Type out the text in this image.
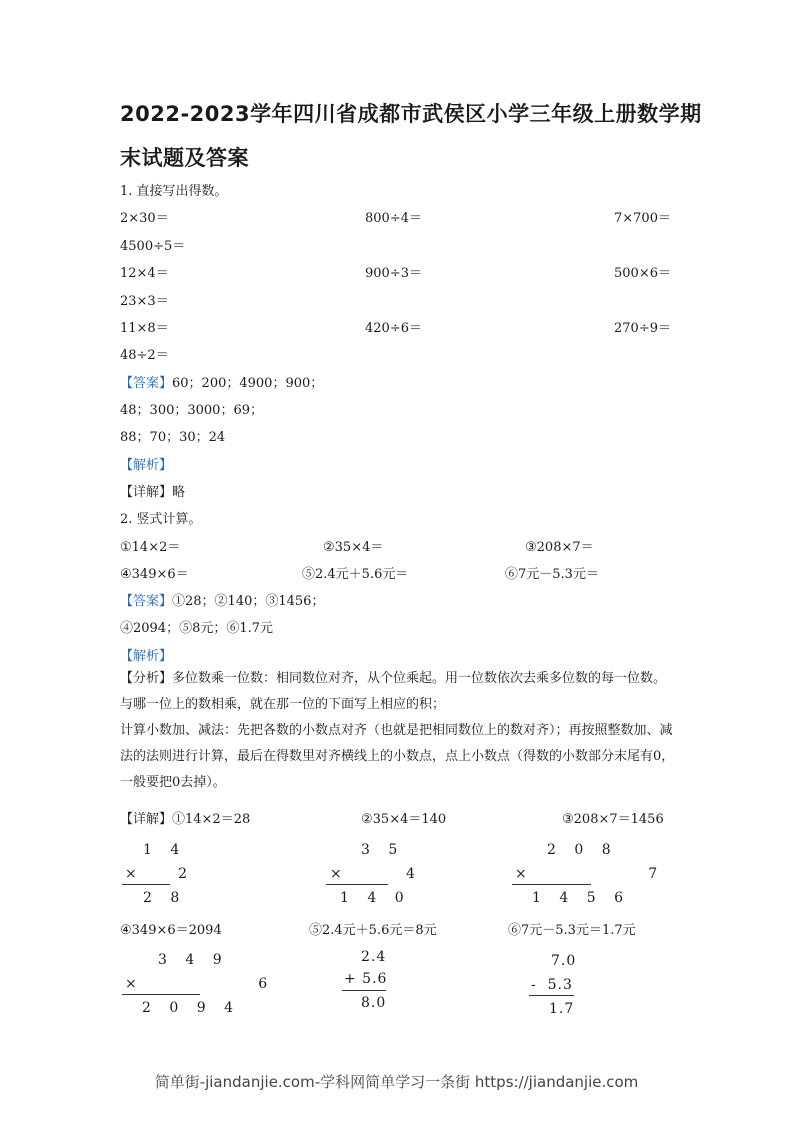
2022-2023学年四川省成都市武侯区小学三年级上册数学期
末试题及答案
1. 直接写出得数。
2×30＝	800÷4＝	7×700＝
4500÷5＝
12×4＝	900÷3＝	500×6＝
23×3＝
11×8＝	420÷6＝	270÷9＝
48÷2＝
【答案】60；200；4900；900；
48；300；3000；69；
88；70；30；24
【解析】
【详解】略
2. 竖式计算。
①14×2＝	②35×4＝	③208×7＝
④349×6＝	⑤2.4元＋5.6元＝	⑥7元－5.3元＝
【答案】①28；②140；③1456；
④2094；⑤8元；⑥1.7元
【解析】
【分析】多位数乘一位数：相同数位对齐，从个位乘起。用一位数依次去乘多位数的每一位数。与哪一位上的数相乘，就在那一位的下面写上相应的积；
计算小数加、减法：先把各数的小数点对齐（也就是把相同数位上的数对齐）；再按照整数加、减法的法则进行计算，最后在得数里对齐横线上的小数点，点上小数点（得数的小数部分末尾有0，一般要把0去掉）。
【详解】①14×2＝28	②35×4＝140	③208×7＝1456
1 4
×   2
2 8
3 5
×     4
1 4 0
2 0 8
×          7
1 4 5 6
④349×6＝2094	⑤2.4元＋5.6元＝8元	⑥7元－5.3元＝1.7元
3 4 9
×          6
2 0 9 4
2.4
+ 5.6
8.0
7.0
-  5.3
1.7
简单街-jiandanjie.com-学科网简单学习一条街 https://jiandanjie.com
